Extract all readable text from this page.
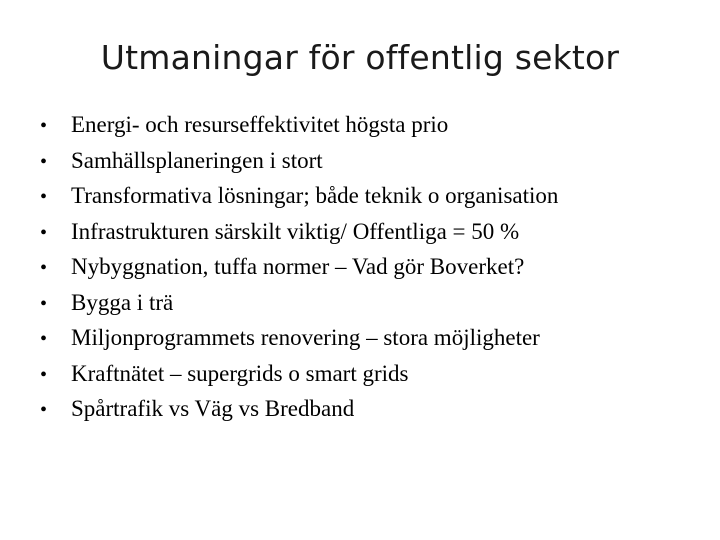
Utmaningar för offentlig sektor
•	Energi- och resurseffektivitet högsta prio
•	Samhällsplaneringen i stort
•	Transformativa lösningar; både teknik o organisation
•	Infrastrukturen särskilt viktig/ Offentliga = 50 %
•	Nybyggnation, tuffa normer – Vad gör Boverket?
•	Bygga i trä
•	Miljonprogrammets renovering – stora möjligheter
•	Kraftnätet – supergrids o smart grids
•	Spårtrafik vs Väg vs Bredband
